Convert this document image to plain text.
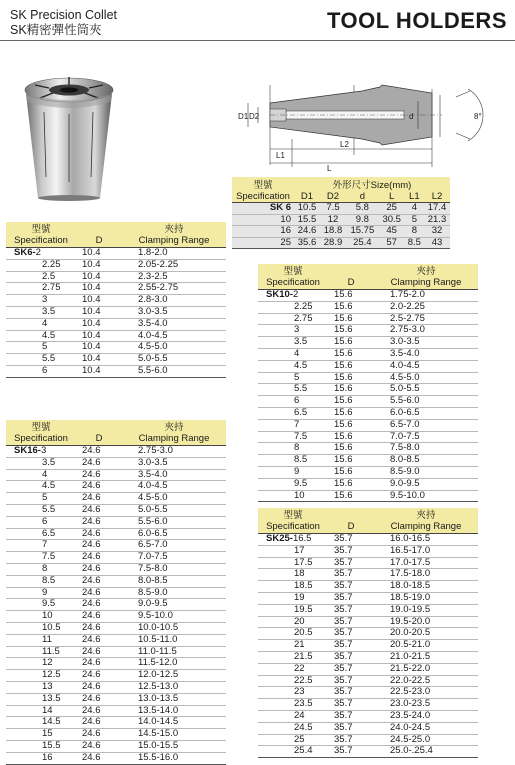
SK Precision Collet
SK精密彈性筒夾	TOOL HOLDERS
D1 D2	d	8°
L1
L2
L
型號
Specification	外形尺寸Size(mm)					
	D1	D2	d	L	L1	L2
SK 6	10.5	7.5	5.8	25	4	17.4
10	15.5	12	9.8	30.5	5	21.3
16	24.6	18.8	15.75	45	8	32
25	35.6	28.9	25.4	57	8.5	43
型號
Specification	D	夾持
Clamping Range

SK6-2	10.4	1.8-2.0
2.25	10.4	2.05-2.25
2.5	10.4	2.3-2.5
2.75	10.4	2.55-2.75
3	10.4	2.8-3.0
3.5	10.4	3.0-3.5
4	10.4	3.5-4.0
4.5	10.4	4.0-4.5
5	10.4	4.5-5.0
5.5	10.4	5.0-5.5
6	10.4	5.5-6.0
型號
Specification	D	夾持
Clamping Range

SK10-2	15.6	1.75-2.0
2.25	15.6	2.0-2.25
2.75	15.6	2.5-2.75
3	15.6	2.75-3.0
3.5	15.6	3.0-3.5
4	15.6	3.5-4.0
4.5	15.6	4.0-4.5
5	15.6	4.5-5.0
5.5	15.6	5.0-5.5
6	15.6	5.5-6.0
6.5	15.6	6.0-6.5
7	15.6	6.5-7.0
7.5	15.6	7.0-7.5
8	15.6	7.5-8.0
8.5	15.6	8.0-8.5
9	15.6	8.5-9.0
9.5	15.6	9.0-9.5
10	15.6	9.5-10.0
型號
Specification	D	夾持
Clamping Range

SK16-3	24.6	2.75-3.0
3.5	24.6	3.0-3.5
4	24.6	3.5-4.0
4.5	24.6	4.0-4.5
5	24.6	4.5-5.0
5.5	24.6	5.0-5.5
6	24.6	5.5-6.0
6.5	24.6	6.0-6.5
7	24.6	6.5-7.0
7.5	24.6	7.0-7.5
8	24.6	7.5-8.0
8.5	24.6	8.0-8.5
9	24.6	8.5-9.0
9.5	24.6	9.0-9.5
10	24.6	9.5-10.0
10.5	24.6	10.0-10.5
11	24.6	10.5-11.0
11.5	24.6	11.0-11.5
12	24.6	11.5-12.0
12.5	24.6	12.0-12.5
13	24.6	12.5-13.0
13.5	24.6	13.0-13.5
14	24.6	13.5-14.0
14.5	24.6	14.0-14.5
15	24.6	14.5-15.0
15.5	24.6	15.0-15.5
16	24.6	15.5-16.0
型號
Specification	D	夾持
Clamping Range

SK25-16.5	35.7	16.0-16.5
17	35.7	16.5-17.0
17.5	35.7	17.0-17.5
18	35.7	17.5-18.0
18.5	35.7	18.0-18.5
19	35.7	18.5-19.0
19.5	35.7	19.0-19.5
20	35.7	19.5-20.0
20.5	35.7	20.0-20.5
21	35.7	20.5-21.0
21.5	35.7	21.0-21.5
22	35.7	21.5-22.0
22.5	35.7	22.0-22.5
23	35.7	22.5-23.0
23.5	35.7	23.0-23.5
24	35.7	23.5-24.0
24.5	35.7	24.0-24.5
25	35.7	24.5-25.0
25.4	35.7	25.0-.25.4
